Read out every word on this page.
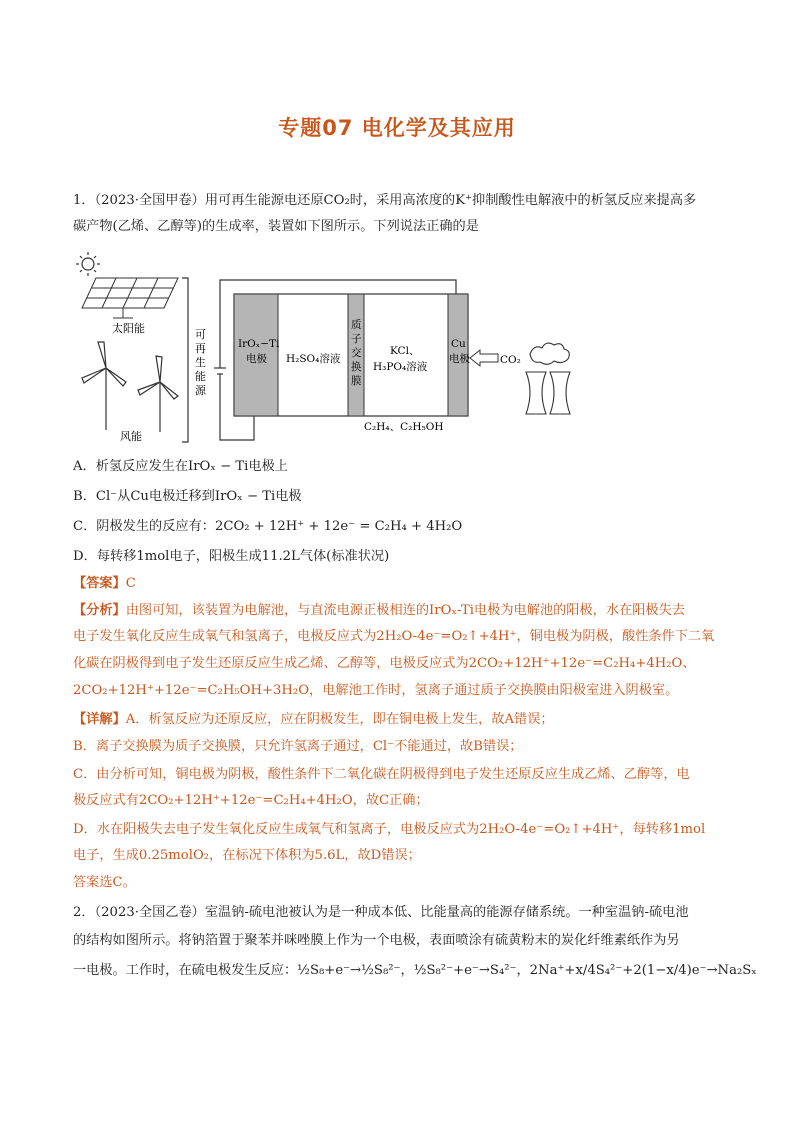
专题07 电化学及其应用
1．（2023·全国甲卷）用可再生能源电还原CO₂时，采用高浓度的K⁺抑制酸性电解液中的析氢反应来提高多
碳产物(乙烯、乙醇等)的生成率，装置如下图所示。下列说法正确的是
太阳能
风能
可
再
生
能
源
IrOₓ−Ti
电极 H₂SO₄溶液
质
子
交
换
膜
KCl、
H₃PO₄溶液
Cu
电极
C₂H₄、C₂H₅OH
CO₂
A．析氢反应发生在IrOₓ − Ti电极上
B．Cl⁻从Cu电极迁移到IrOₓ − Ti电极
C．阴极发生的反应有：2CO₂ + 12H⁺ + 12e⁻ = C₂H₄ + 4H₂O
D．每转移1mol电子，阳极生成11.2L气体(标准状况)
【答案】C
【分析】由图可知，该装置为电解池，与直流电源正极相连的IrOₓ-Ti电极为电解池的阳极，水在阳极失去
电子发生氧化反应生成氧气和氢离子，电极反应式为2H₂O-4e⁻=O₂↑+4H⁺，铜电极为阴极，酸性条件下二氧
化碳在阴极得到电子发生还原反应生成乙烯、乙醇等，电极反应式为2CO₂+12H⁺+12e⁻=C₂H₄+4H₂O、
2CO₂+12H⁺+12e⁻=C₂H₅OH+3H₂O，电解池工作时，氢离子通过质子交换膜由阳极室进入阴极室。
【详解】A．析氢反应为还原反应，应在阴极发生，即在铜电极上发生，故A错误；
B．离子交换膜为质子交换膜，只允许氢离子通过，Cl⁻不能通过，故B错误；
C．由分析可知，铜电极为阴极，酸性条件下二氧化碳在阴极得到电子发生还原反应生成乙烯、乙醇等，电
极反应式有2CO₂+12H⁺+12e⁻=C₂H₄+4H₂O，故C正确；
D．水在阳极失去电子发生氧化反应生成氧气和氢离子，电极反应式为2H₂O-4e⁻=O₂↑+4H⁺，每转移1mol
电子，生成0.25molO₂，在标况下体积为5.6L，故D错误；
答案选C。
2．（2023·全国乙卷）室温钠-硫电池被认为是一种成本低、比能量高的能源存储系统。一种室温钠-硫电池
的结构如图所示。将钠箔置于聚苯并咪唑膜上作为一个电极，表面喷涂有硫黄粉末的炭化纤维素纸作为另
一电极。工作时，在硫电极发生反应：½S₈+e⁻→½S₈²⁻，½S₈²⁻+e⁻→S₄²⁻，2Na⁺+x/4S₄²⁻+2(1−x/4)e⁻→Na₂Sₓ
